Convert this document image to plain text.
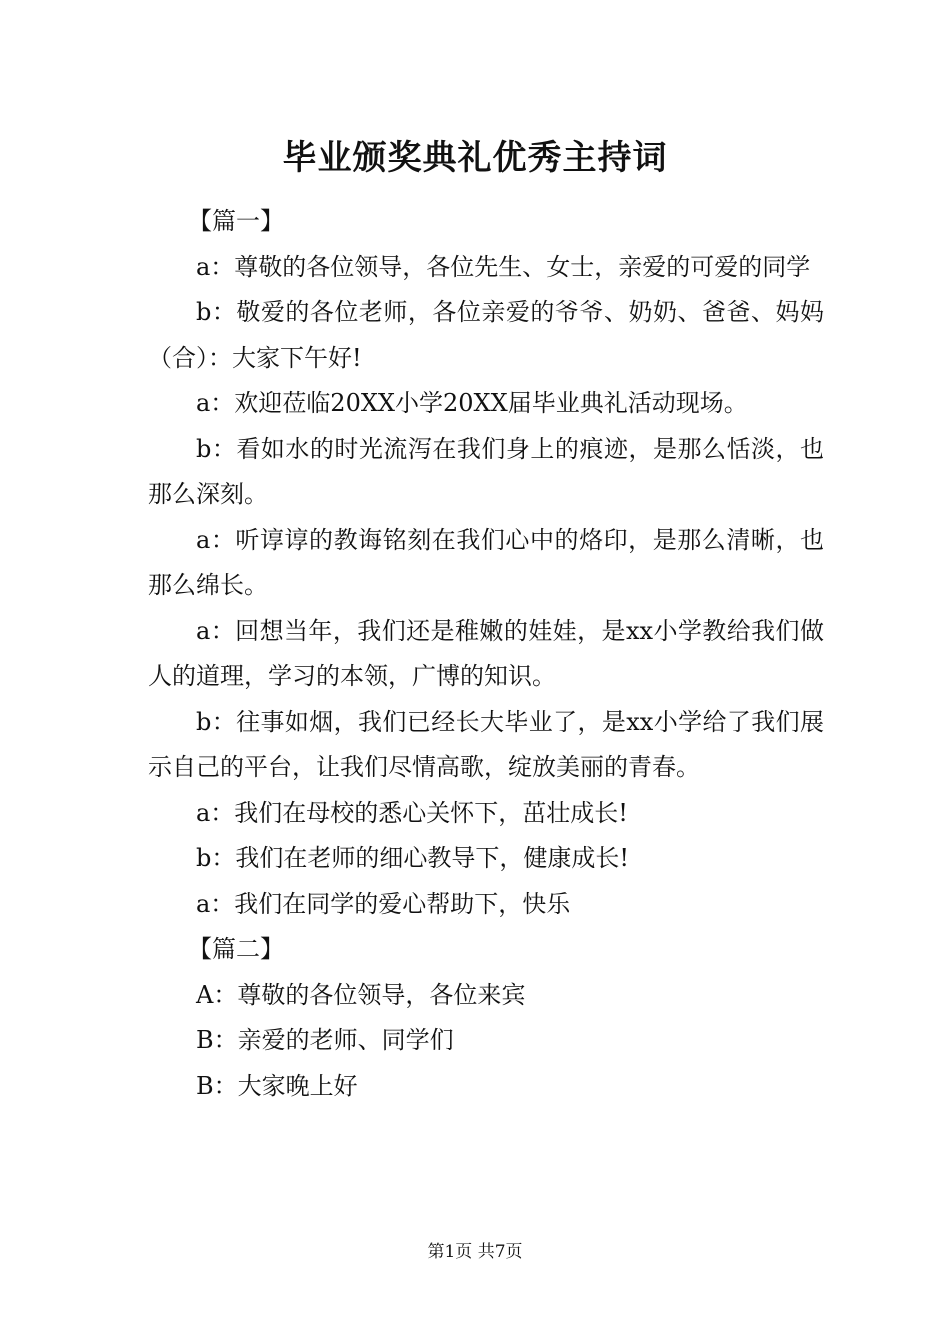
毕业颁奖典礼优秀主持词

【篇一】

a：尊敬的各位领导，各位先生、女士，亲爱的可爱的同学

b：敬爱的各位老师，各位亲爱的爷爷、奶奶、爸爸、妈妈（合）：大家下午好!

a：欢迎莅临20XX小学20XX届毕业典礼活动现场。

b：看如水的时光流泻在我们身上的痕迹，是那么恬淡，也那么深刻。

a：听谆谆的教诲铭刻在我们心中的烙印，是那么清晰，也那么绵长。

a：回想当年，我们还是稚嫩的娃娃，是xx小学教给我们做人的道理，学习的本领，广博的知识。

b：往事如烟，我们已经长大毕业了，是xx小学给了我们展示自己的平台，让我们尽情高歌，绽放美丽的青春。

a：我们在母校的悉心关怀下，茁壮成长!

b：我们在老师的细心教导下，健康成长!

a：我们在同学的爱心帮助下，快乐

【篇二】

A：尊敬的各位领导，各位来宾

B：亲爱的老师、同学们

B：大家晚上好

第1页 共7页
